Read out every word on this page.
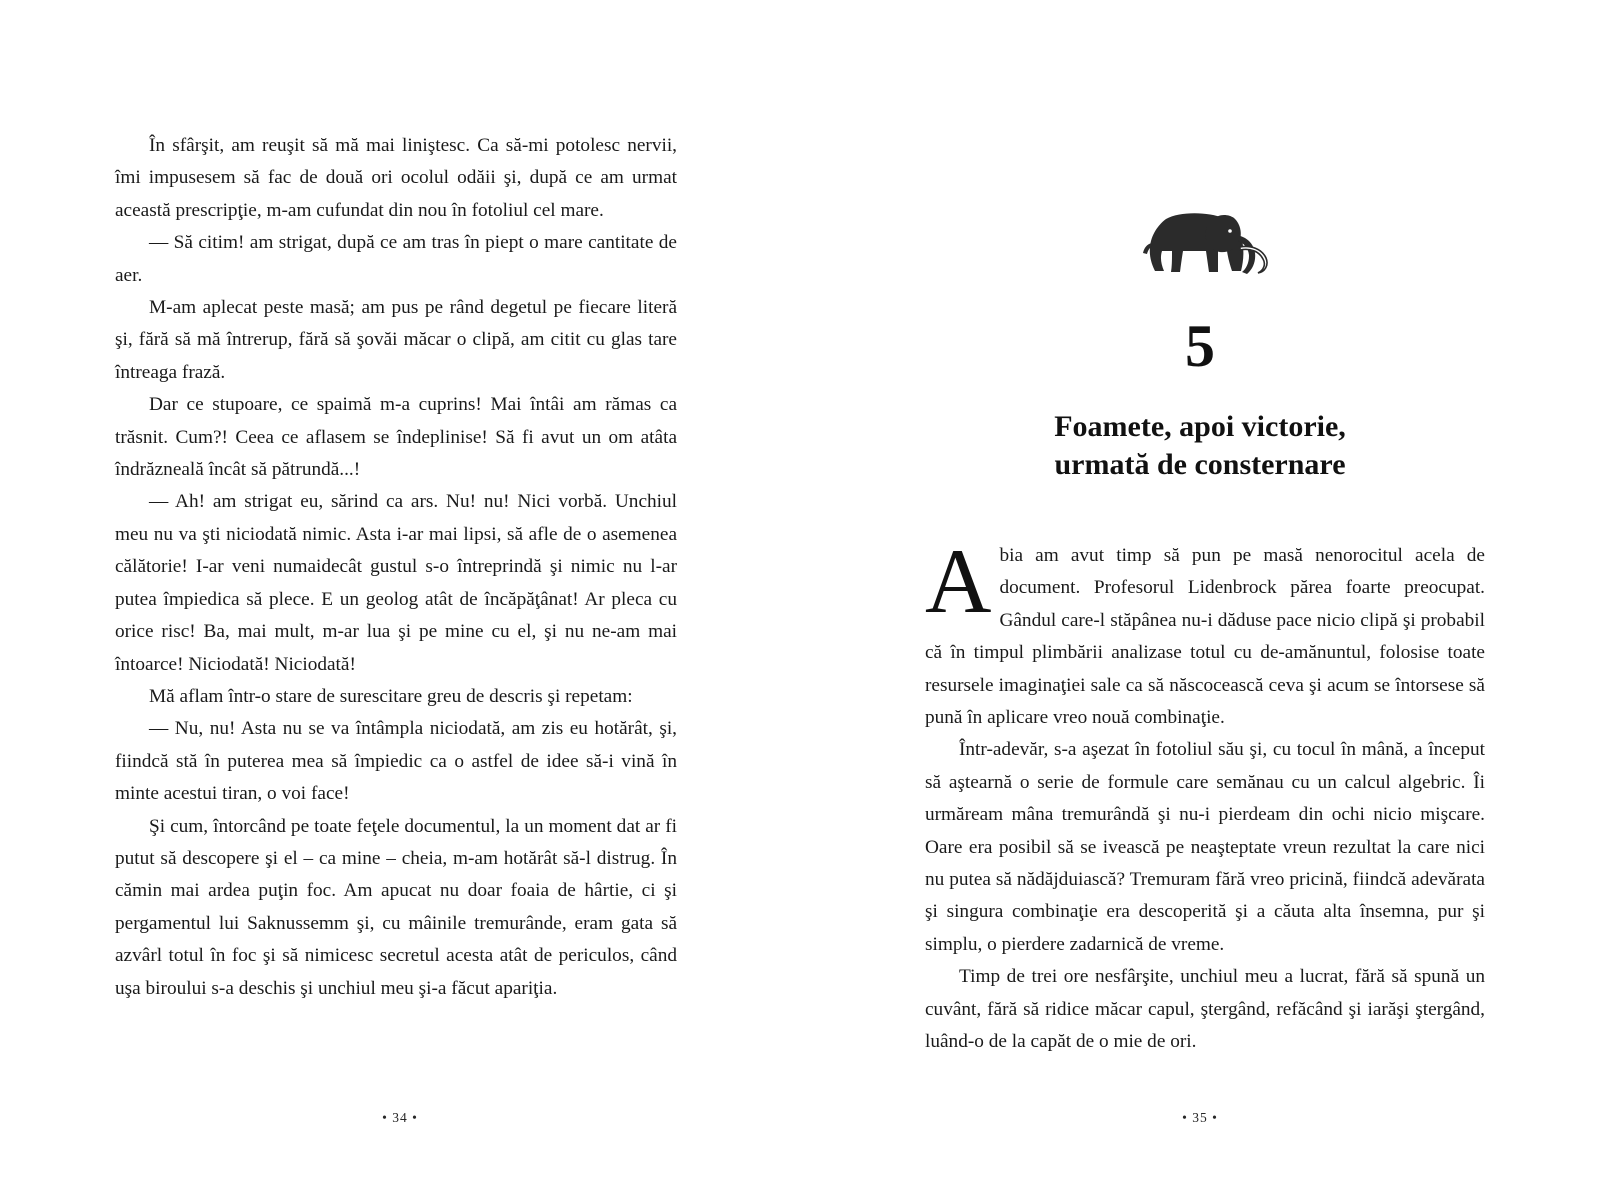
În sfârşit, am reuşit să mă mai liniştesc. Ca să-mi potolesc nervii, îmi impusesem să fac de două ori ocolul odăii şi, după ce am urmat această prescripţie, m-am cufundat din nou în fotoliul cel mare.

— Să citim! am strigat, după ce am tras în piept o mare cantitate de aer.

M-am aplecat peste masă; am pus pe rând degetul pe fiecare literă şi, fără să mă întrerup, fără să şovăi măcar o clipă, am citit cu glas tare întreaga frază.

Dar ce stupoare, ce spaimă m-a cuprins! Mai întâi am rămas ca trăsnit. Cum?! Ceea ce aflasem se îndeplinise! Să fi avut un om atâta îndrăzneală încât să pătrundă...!

— Ah! am strigat eu, sărind ca ars. Nu! nu! Nici vorbă. Unchiul meu nu va şti niciodată nimic. Asta i-ar mai lipsi, să afle de o asemenea călătorie! I-ar veni numaidecât gustul s-o întreprindă şi nimic nu l-ar putea împiedica să plece. E un geolog atât de încăpăţânat! Ar pleca cu orice risc! Ba, mai mult, m-ar lua şi pe mine cu el, şi nu ne-am mai întoarce! Niciodată! Niciodată!

Mă aflam într-o stare de surescitare greu de descris şi repetam:

— Nu, nu! Asta nu se va întâmpla niciodată, am zis eu hotărât, şi, fiindcă stă în puterea mea să împiedic ca o astfel de idee să-i vină în minte acestui tiran, o voi face!

Şi cum, întorcând pe toate feţele documentul, la un moment dat ar fi putut să descopere şi el – ca mine – cheia, m-am hotărât să-l distrug. În cămin mai ardea puţin foc. Am apucat nu doar foaia de hârtie, ci şi pergamentul lui Saknussemm şi, cu mâinile tremurânde, eram gata să azvârl totul în foc şi să nimicesc secretul acesta atât de periculos, când uşa biroului s-a deschis şi unchiul meu şi-a făcut apariţia.

• 34 •
5
Foamete, apoi victorie,
urmată de consternare

Abia am avut timp să pun pe masă nenorocitul acela de document. Profesorul Lidenbrock părea foarte preocupat. Gândul care-l stăpânea nu-i dăduse pace nicio clipă şi probabil că în timpul plimbării analizase totul cu de-amănuntul, folosise toate resursele imaginaţiei sale ca să născocească ceva şi acum se întorsese să pună în aplicare vreo nouă combinaţie.

Într-adevăr, s-a aşezat în fotoliul său şi, cu tocul în mână, a început să aştearnă o serie de formule care semănau cu un calcul algebric. Îi urmăream mâna tremurândă şi nu-i pierdeam din ochi nicio mişcare. Oare era posibil să se ivească pe neaşteptate vreun rezultat la care nici nu putea să nădăjduiască? Tremuram fără vreo pricină, fiindcă adevărata şi singura combinaţie era descoperită şi a căuta alta însemna, pur şi simplu, o pierdere zadarnică de vreme.

Timp de trei ore nesfârşite, unchiul meu a lucrat, fără să spună un cuvânt, fără să ridice măcar capul, ştergând, refăcând şi iarăşi ştergând, luând-o de la capăt de o mie de ori.

• 35 •
